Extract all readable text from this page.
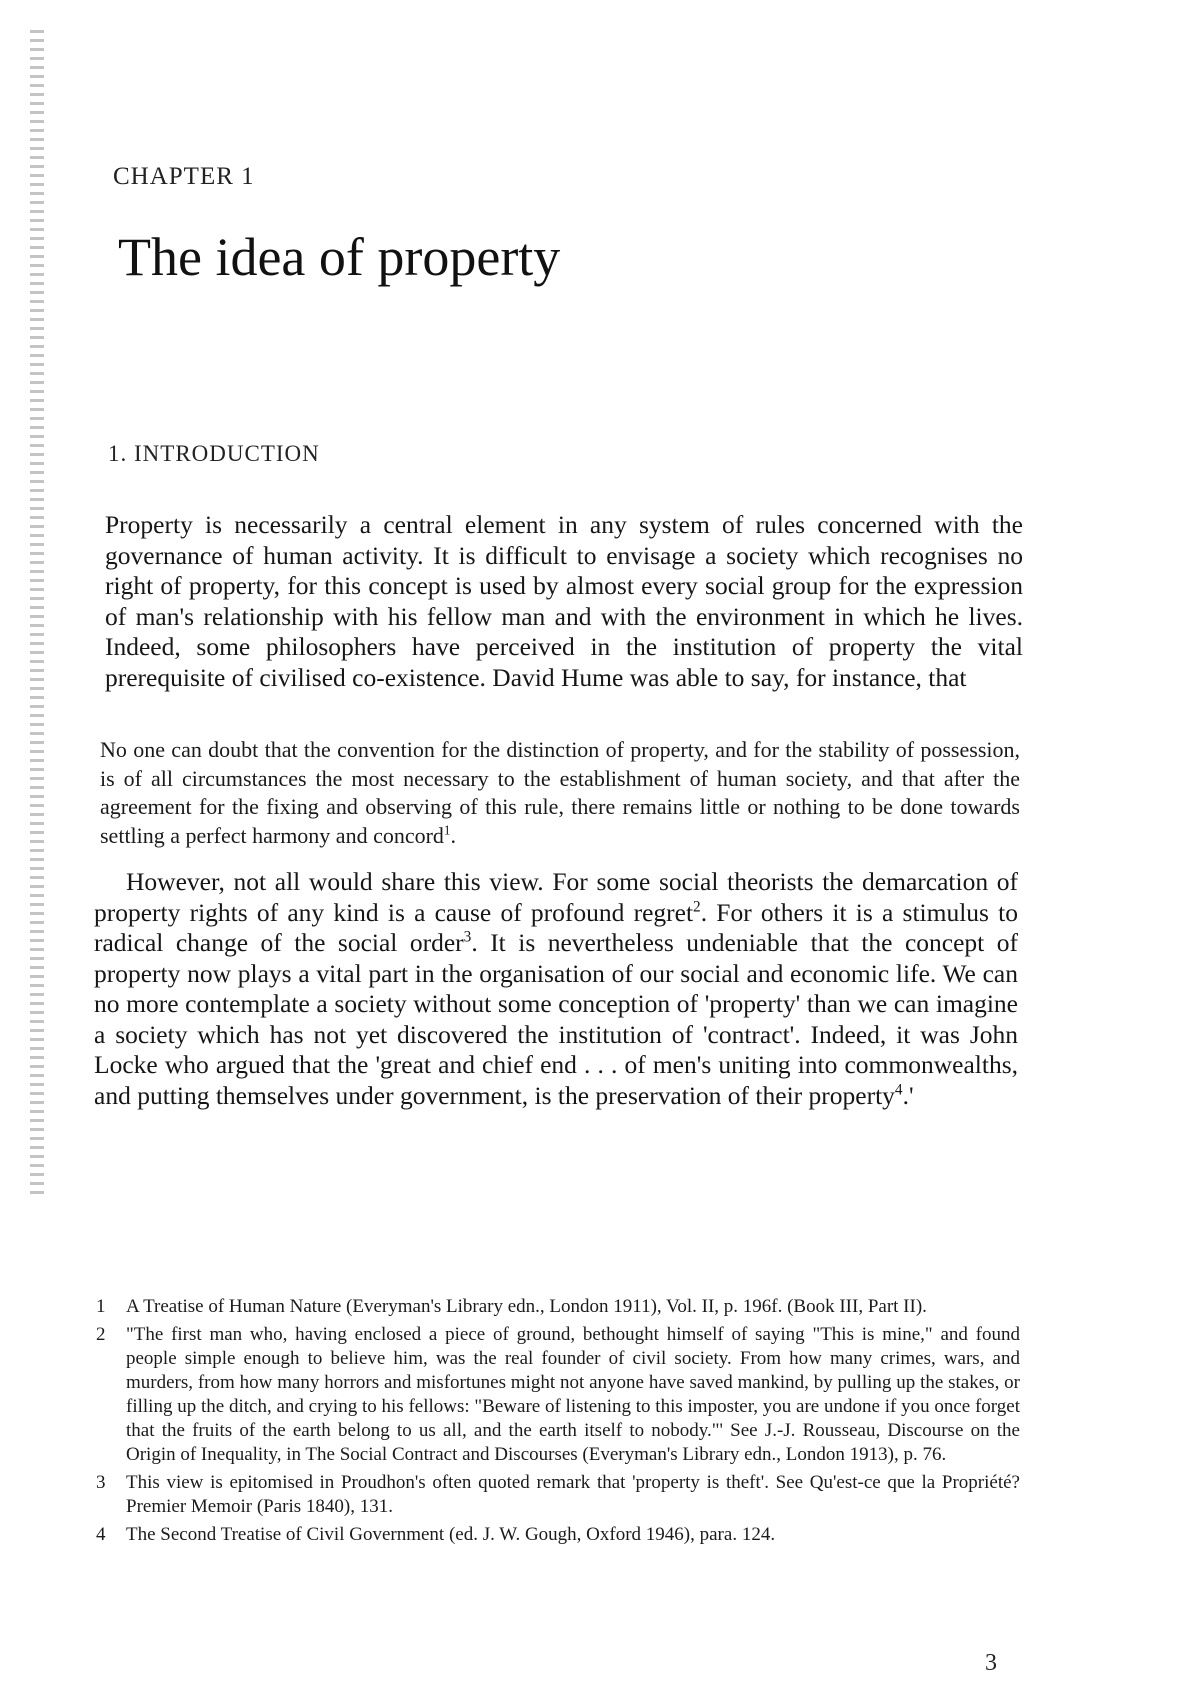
CHAPTER 1
The idea of property
1. INTRODUCTION

Property is necessarily a central element in any system of rules concerned with the governance of human activity. It is difficult to envisage a society which recognises no right of property, for this concept is used by almost every social group for the expression of man's relationship with his fellow man and with the environment in which he lives. Indeed, some philosophers have perceived in the institution of property the vital prerequisite of civilised co-existence. David Hume was able to say, for instance, that

No one can doubt that the convention for the distinction of property, and for the stability of possession, is of all circumstances the most necessary to the establishment of human society, and that after the agreement for the fixing and observing of this rule, there remains little or nothing to be done towards settling a perfect harmony and concord$^1$.

However, not all would share this view. For some social theorists the demarcation of property rights of any kind is a cause of profound regret$^2$. For others it is a stimulus to radical change of the social order$^3$. It is nevertheless undeniable that the concept of property now plays a vital part in the organisation of our social and economic life. We can no more contemplate a society without some conception of 'property' than we can imagine a society which has not yet discovered the institution of 'contract'. Indeed, it was John Locke who argued that the 'great and chief end . . . of men's uniting into commonwealths, and putting themselves under government, is the preservation of their property$^4$.'

1 A Treatise of Human Nature (Everyman's Library edn., London 1911), Vol. II, p. 196f. (Book III, Part II).

2 "The first man who, having enclosed a piece of ground, bethought himself of saying "This is mine," and found people simple enough to believe him, was the real founder of civil society. From how many crimes, wars, and murders, from how many horrors and misfortunes might not anyone have saved mankind, by pulling up the stakes, or filling up the ditch, and crying to his fellows: "Beware of listening to this imposter, you are undone if you once forget that the fruits of the earth belong to us all, and the earth itself to nobody."' See J.-J. Rousseau, Discourse on the Origin of Inequality, in The Social Contract and Discourses (Everyman's Library edn., London 1913), p. 76.

3 This view is epitomised in Proudhon's often quoted remark that 'property is theft'. See Qu'est-ce que la Propriété? Premier Memoir (Paris 1840), 131.

4 The Second Treatise of Civil Government (ed. J. W. Gough, Oxford 1946), para. 124.

3
